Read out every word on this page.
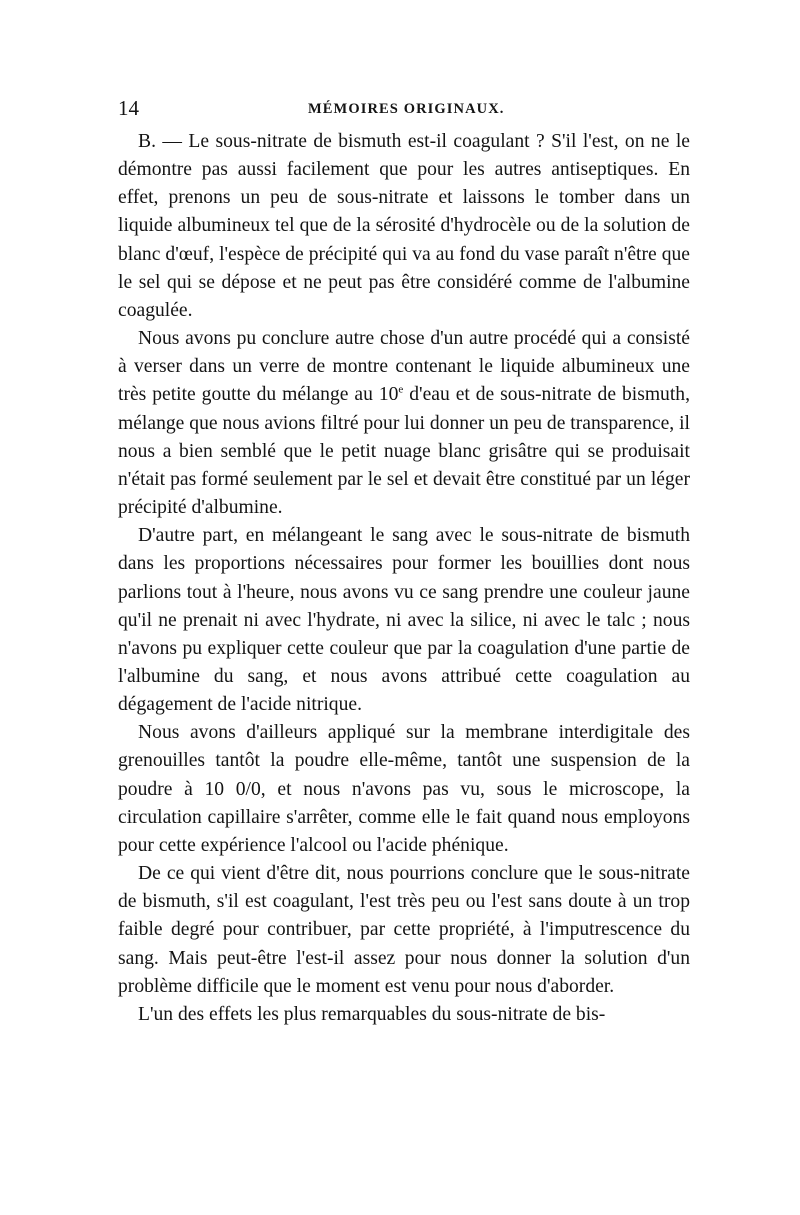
14	MÉMOIRES ORIGINAUX.

B. — Le sous-nitrate de bismuth est-il coagulant ? S'il l'est, on ne le démontre pas aussi facilement que pour les autres antiseptiques. En effet, prenons un peu de sous-nitrate et laissons le tomber dans un liquide albumineux tel que de la sérosité d'hydrocèle ou de la solution de blanc d'œuf, l'espèce de précipité qui va au fond du vase paraît n'être que le sel qui se dépose et ne peut pas être considéré comme de l'albumine coagulée.

Nous avons pu conclure autre chose d'un autre procédé qui a consisté à verser dans un verre de montre contenant le liquide albumineux une très petite goutte du mélange au 10e d'eau et de sous-nitrate de bismuth, mélange que nous avions filtré pour lui donner un peu de transparence, il nous a bien semblé que le petit nuage blanc grisâtre qui se produisait n'était pas formé seulement par le sel et devait être constitué par un léger précipité d'albumine.

D'autre part, en mélangeant le sang avec le sous-nitrate de bismuth dans les proportions nécessaires pour former les bouillies dont nous parlions tout à l'heure, nous avons vu ce sang prendre une couleur jaune qu'il ne prenait ni avec l'hydrate, ni avec la silice, ni avec le talc ; nous n'avons pu expliquer cette couleur que par la coagulation d'une partie de l'albumine du sang, et nous avons attribué cette coagulation au dégagement de l'acide nitrique.

Nous avons d'ailleurs appliqué sur la membrane interdigitale des grenouilles tantôt la poudre elle-même, tantôt une suspension de la poudre à 10 0/0, et nous n'avons pas vu, sous le microscope, la circulation capillaire s'arrêter, comme elle le fait quand nous employons pour cette expérience l'alcool ou l'acide phénique.

De ce qui vient d'être dit, nous pourrions conclure que le sous-nitrate de bismuth, s'il est coagulant, l'est très peu ou l'est sans doute à un trop faible degré pour contribuer, par cette propriété, à l'imputrescence du sang. Mais peut-être l'est-il assez pour nous donner la solution d'un problème difficile que le moment est venu pour nous d'aborder.

L'un des effets les plus remarquables du sous-nitrate de bis-
